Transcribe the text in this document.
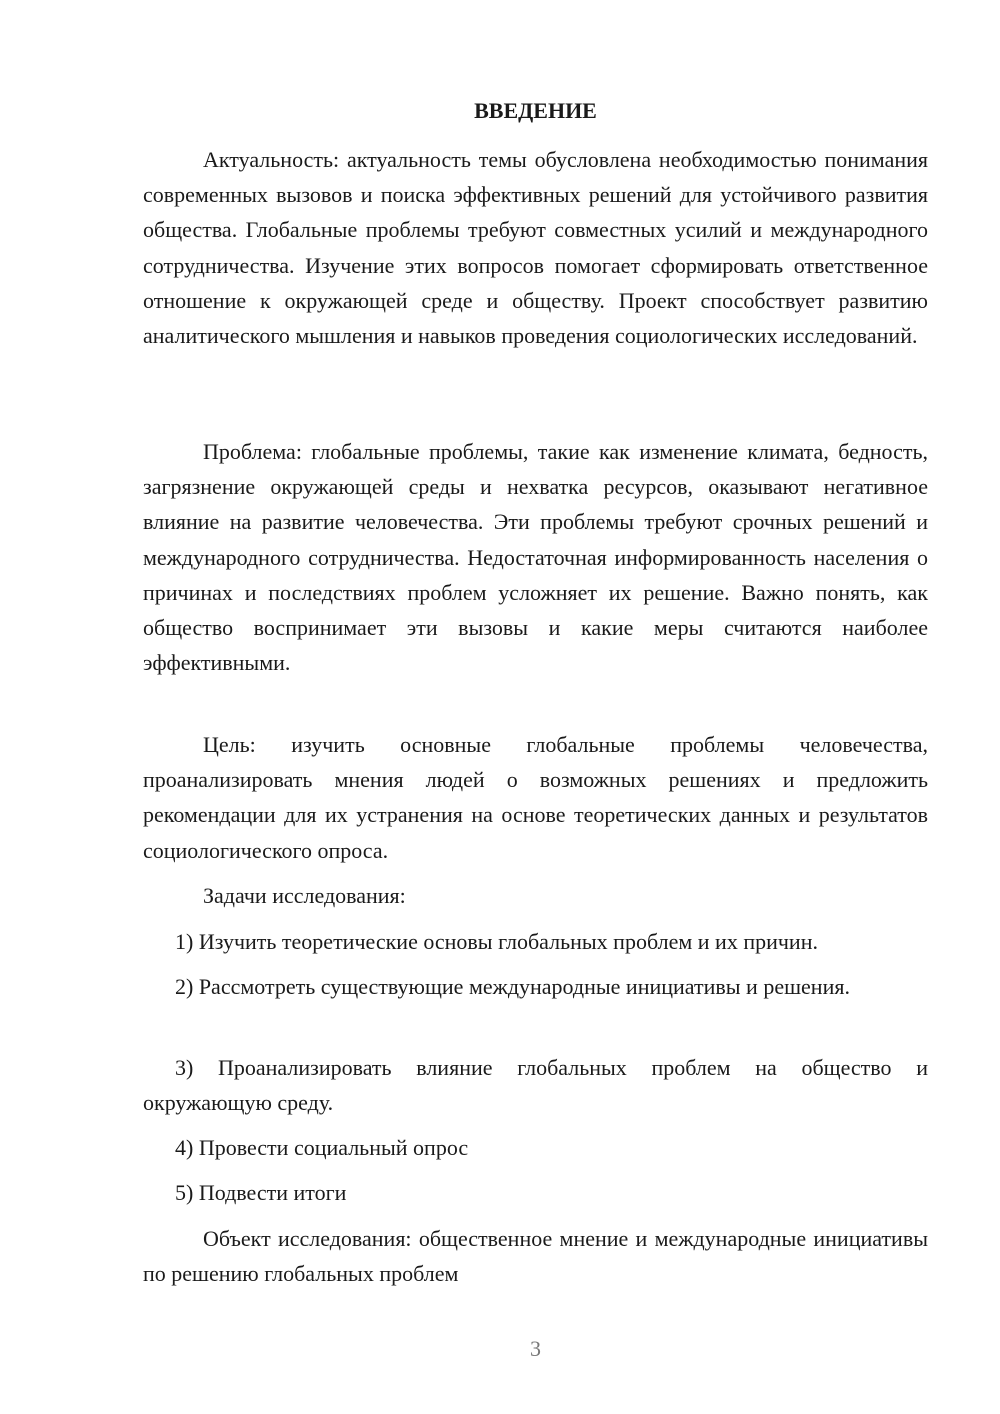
ВВЕДЕНИЕ

Актуальность: актуальность темы обусловлена необходимостью понимания современных вызовов и поиска эффективных решений для устойчивого развития общества. Глобальные проблемы требуют совместных усилий и международного сотрудничества. Изучение этих вопросов помогает сформировать ответственное отношение к окружающей среде и обществу. Проект способствует развитию аналитического мышления и навыков проведения социологических исследований.

Проблема: глобальные проблемы, такие как изменение климата, бедность, загрязнение окружающей среды и нехватка ресурсов, оказывают негативное влияние на развитие человечества. Эти проблемы требуют срочных решений и международного сотрудничества. Недостаточная информированность населения о причинах и последствиях проблем усложняет их решение. Важно понять, как общество воспринимает эти вызовы и какие меры считаются наиболее эффективными.

Цель: изучить основные глобальные проблемы человечества, проанализировать мнения людей о возможных решениях и предложить рекомендации для их устранения на основе теоретических данных и результатов социологического опроса.

Задачи исследования:

1) Изучить теоретические основы глобальных проблем и их причин.

2) Рассмотреть существующие международные инициативы и решения.

3) Проанализировать влияние глобальных проблем на общество и окружающую среду.

4) Провести социальный опрос

5) Подвести итоги

Объект исследования: общественное мнение и международные инициативы по решению глобальных проблем

3
